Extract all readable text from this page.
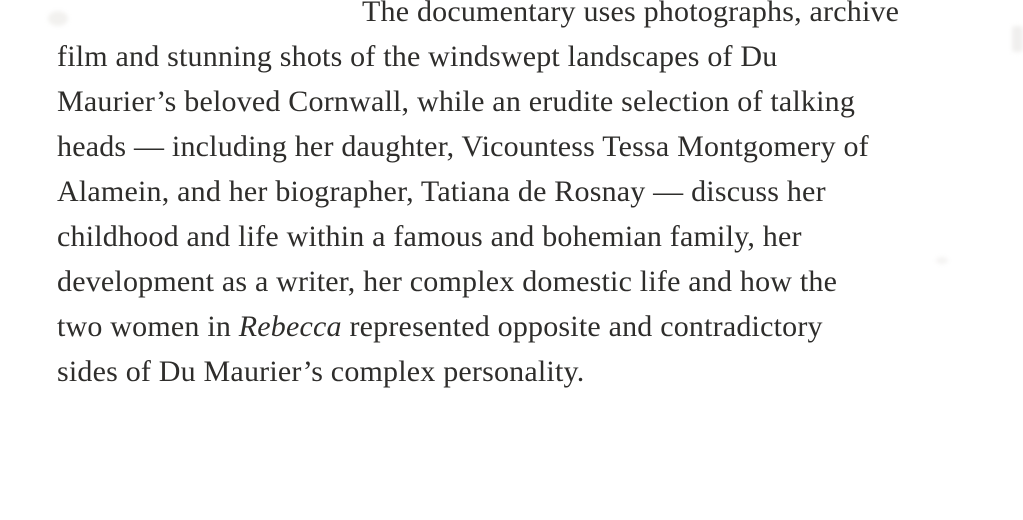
The documentary uses photographs, archive
film and stunning shots of the windswept landscapes of Du
Maurier’s beloved Cornwall, while an erudite selection of talking
heads — including her daughter, Vicountess Tessa Montgomery of
Alamein, and her biographer, Tatiana de Rosnay — discuss her
childhood and life within a famous and bohemian family, her
development as a writer, her complex domestic life and how the
two women in Rebecca represented opposite and contradictory
sides of Du Maurier’s complex personality.
